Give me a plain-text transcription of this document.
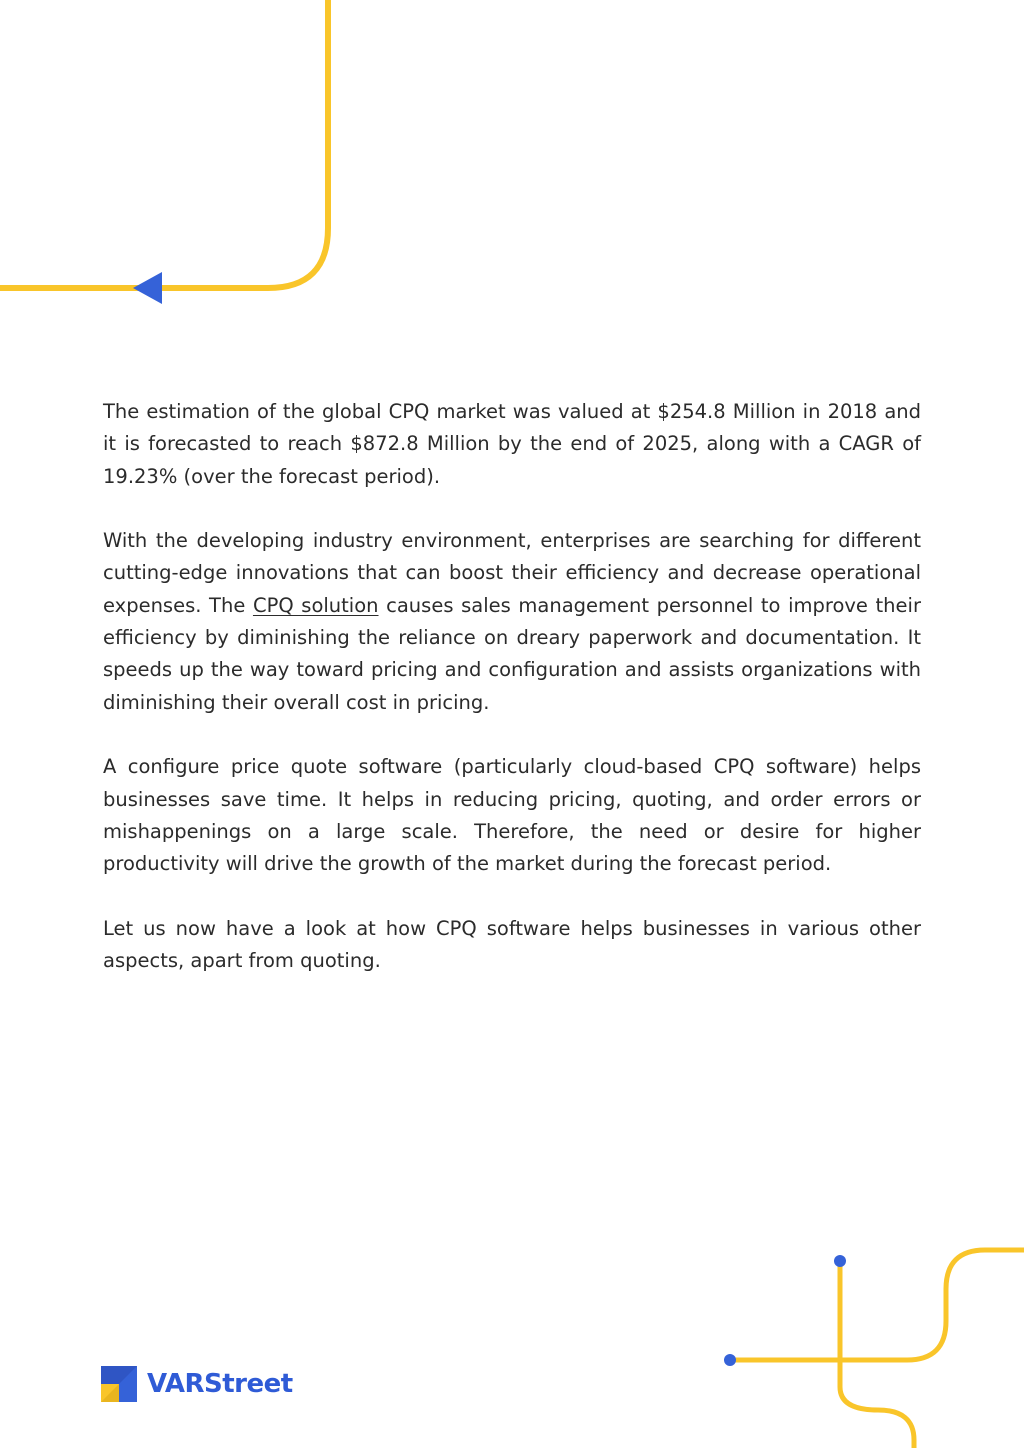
The estimation of the global CPQ market was valued at $254.8 Million in 2018 and it is forecasted to reach $872.8 Million by the end of 2025, along with a CAGR of 19.23% (over the forecast period).

With the developing industry environment, enterprises are searching for different cutting-edge innovations that can boost their efficiency and decrease operational expenses. The CPQ solution causes sales management personnel to improve their efficiency by diminishing the reliance on dreary paperwork and documentation. It speeds up the way toward pricing and configuration and assists organizations with diminishing their overall cost in pricing.

A configure price quote software (particularly cloud-based CPQ software) helps businesses save time. It helps in reducing pricing, quoting, and order errors or mishappenings on a large scale. Therefore, the need or desire for higher productivity will drive the growth of the market during the forecast period.

Let us now have a look at how CPQ software helps businesses in various other aspects, apart from quoting.

VARStreet
